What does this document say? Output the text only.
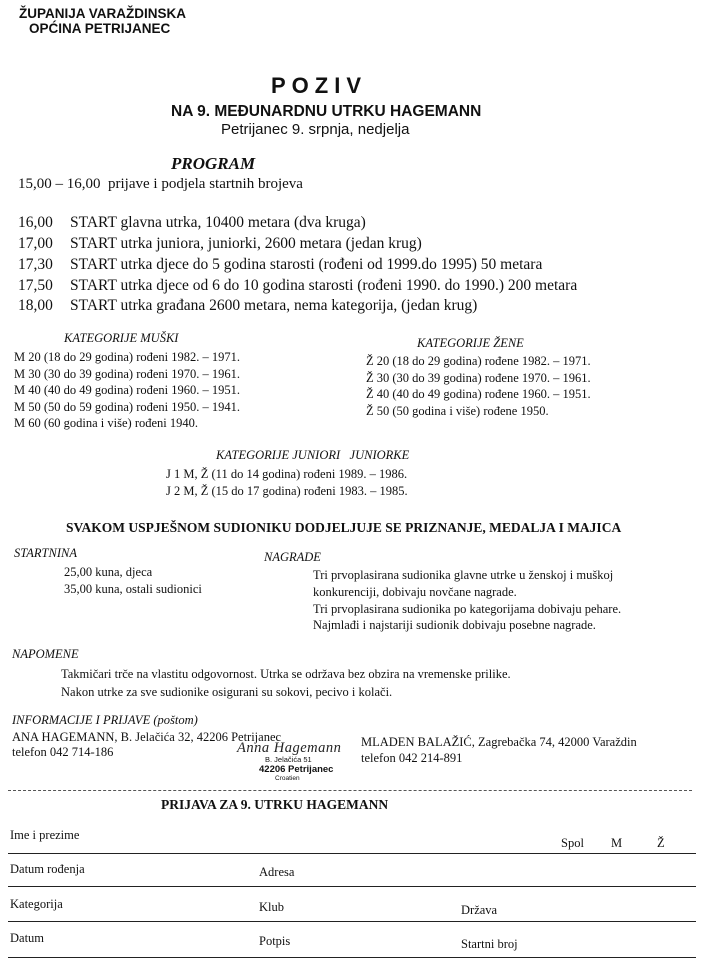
ŽUPANIJA VARAŽDINSKA
OPĆINA PETRIJANEC
POZIV
NA 9. MEĐUNARDNU UTRKU HAGEMANN
Petrijanec 9. srpnja, nedjelja
PROGRAM
15,00 – 16,00 prijave i podjela startnih brojeva
16,00 START glavna utrka, 10400 metara (dva kruga)
17,00 START utrka juniora, juniorki, 2600 metara (jedan krug)
17,30 START utrka djece do 5 godina starosti (rođeni od 1999.do 1995) 50 metara
17,50 START utrka djece od 6 do 10 godina starosti (rođeni 1990. do 1990.) 200 metara
18,00 START utrka građana 2600 metara, nema kategorija, (jedan krug)
KATEGORIJE MUŠKI
M 20 (18 do 29 godina) rođeni 1982. – 1971.
M 30 (30 do 39 godina) rođeni 1970. – 1961.
M 40 (40 do 49 godina) rođeni 1960. – 1951.
M 50 (50 do 59 godina) rođeni 1950. – 1941.
M 60 (60 godina i više) rođeni 1940.
KATEGORIJE ŽENE
Ž 20 (18 do 29 godina) rođene 1982. – 1971.
Ž 30 (30 do 39 godina) rođene 1970. – 1961.
Ž 40 (40 do 49 godina) rođene 1960. – 1951.
Ž 50 (50 godina i više) rođene 1950.
KATEGORIJE JUNIORI   JUNIORKE
J 1 M, Ž (11 do 14 godina) rođeni 1989. – 1986.
J 2 M, Ž (15 do 17 godina) rođeni 1983. – 1985.
SVAKOM USPJEŠNOM SUDIONIKU DODJELJUJE SE PRIZNANJE, MEDALJA I MAJICA
STARTNINA
25,00 kuna, djeca
35,00 kuna, ostali sudionici
NAGRADE
Tri prvoplasirana sudionika glavne utrke u ženskoj i muškoj
konkurenciji, dobivaju novčane nagrade.
Tri prvoplasirana sudionika po kategorijama dobivaju pehare.
Najmlađi i najstariji sudionik dobivaju posebne nagrade.
NAPOMENE
Takmičari trče na vlastitu odgovornost. Utrka se održava bez obzira na vremenske prilike.
Nakon utrke za sve sudionike osigurani su sokovi, pecivo i kolači.
INFORMACIJE I PRIJAVE (poštom)
ANA HAGEMANN, B. Jelačića 32, 42206 Petrijanec
telefon 042 714-186
MLADEN BALAŽIĆ, Zagrebačka 74, 42000 Varaždin
telefon 042 214-891
Anna Hagemann
B. Jelačića 51
42206 Petrijanec
Croatien
PRIJAVA ZA 9. UTRKU HAGEMANN
Ime i prezime
Spol M	Ž
Datum rođenja	Adresa
Kategorija	Klub	Država
Datum	Potpis	Startni broj
